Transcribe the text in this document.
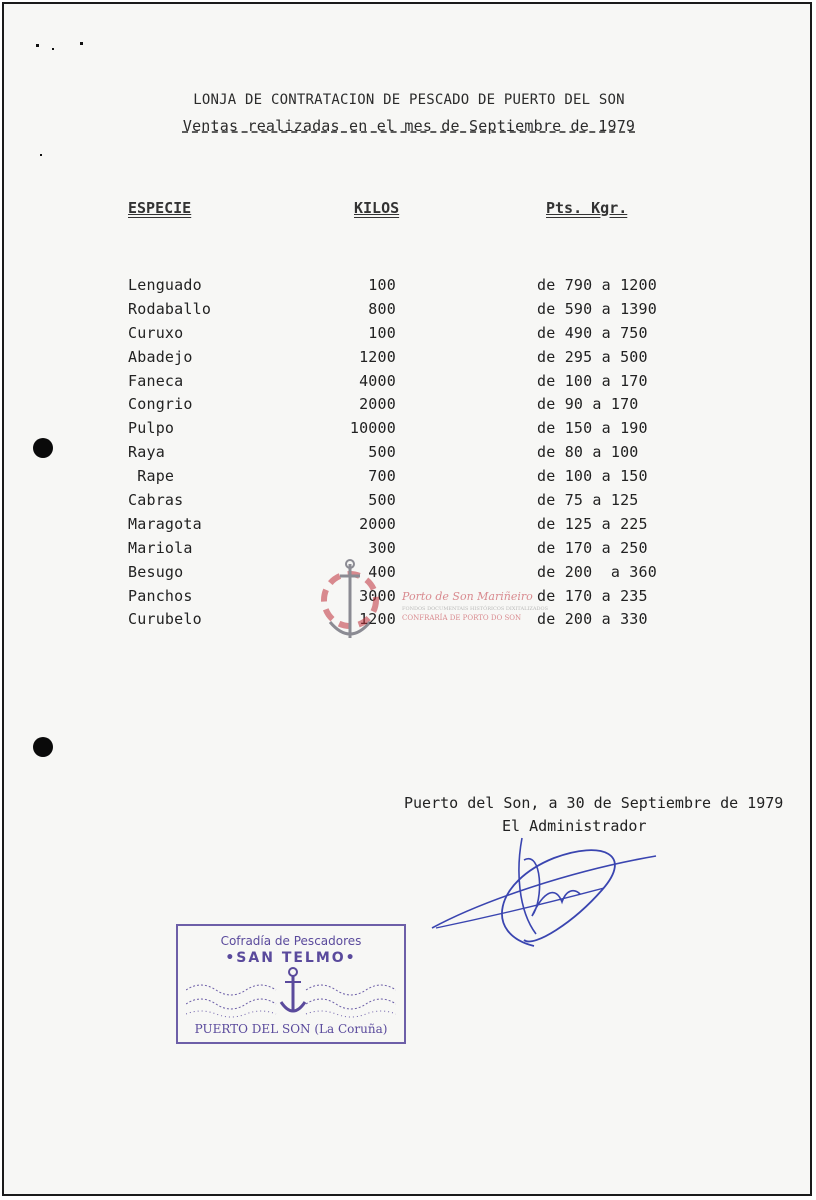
LONJA DE CONTRATACION DE PESCADO DE PUERTO DEL SON
Ventas realizadas en el mes de Septiembre de 1979
ESPECIE	KILOS	Pts. Kgr.
Lenguado	100	de 790 a 1200
Rodaballo	800	de 590 a 1390
Curuxo	100	de 490 a 750
Abadejo	1200	de 295 a 500
Faneca	4000	de 100 a 170
Congrio	2000	de 90 a 170
Pulpo	10000	de 150 a 190
Raya	500	de 80 a 100
Rape	700	de 100 a 150
Cabras	500	de 75 a 125
Maragota	2000	de 125 a 225
Mariola	300	de 170 a 250
Besugo	400	de 200  a 360
Panchos	3000	de 170 a 235
Curubelo	1200	de 200 a 330
Porto de Son Mariñeiro
FONDOS DOCUMENTAIS HISTÓRICOS DIXITALIZADOS
CONFRARÍA DE PORTO DO SON
Puerto del Son, a 30 de Septiembre de 1979
El Administrador
Cofradía de Pescadores
•SAN TELMO•
PUERTO DEL SON (La Coruña)
